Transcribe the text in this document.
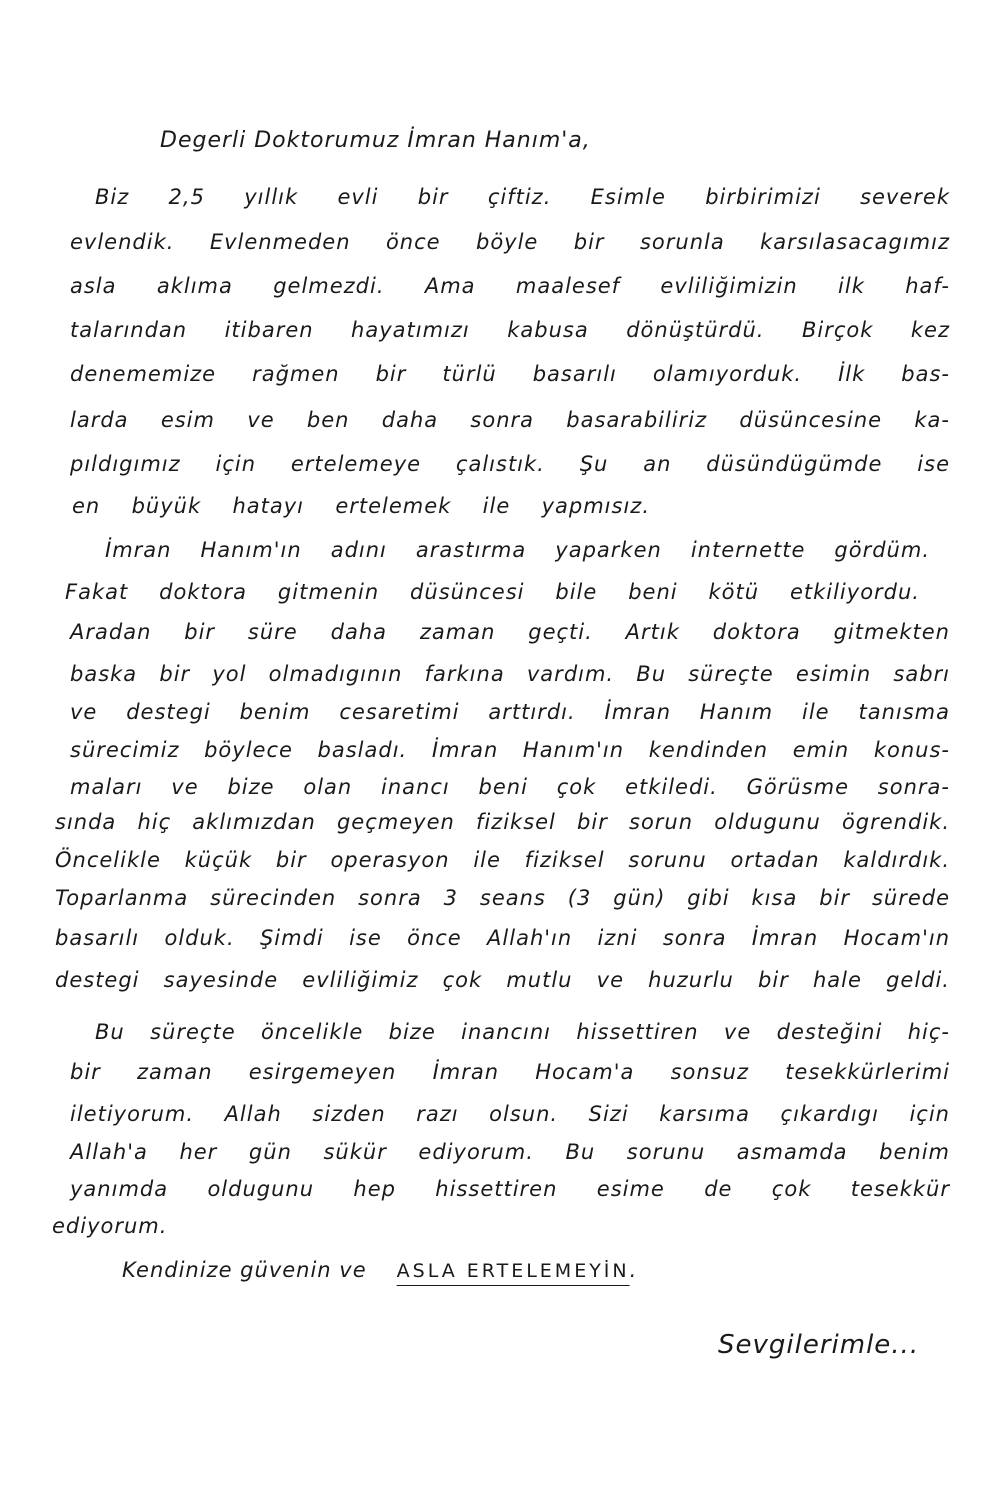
Degerli Doktorumuz İmran Hanım'a,
Biz 2,5 yıllık evli bir çiftiz. Esimle birbirimizi severek
evlendik. Evlenmeden önce böyle bir sorunla karsılasacagımız
asla aklıma gelmezdi. Ama maalesef evliliğimizin ilk haf-
talarından itibaren hayatımızı kabusa dönüştürdü. Birçok kez
denememize rağmen bir türlü basarılı olamıyorduk. İlk bas-
larda esim ve ben daha sonra basarabiliriz düsüncesine ka-
pıldıgımız için ertelemeye çalıstık. Şu an düsündügümde ise
en büyük hatayı ertelemek ile yapmısız.
İmran Hanım'ın adını arastırma yaparken internette gördüm.
Fakat doktora gitmenin düsüncesi bile beni kötü etkiliyordu.
Aradan bir süre daha zaman geçti. Artık doktora gitmekten
baska bir yol olmadıgının farkına vardım. Bu süreçte esimin sabrı
ve destegi benim cesaretimi arttırdı. İmran Hanım ile tanısma
sürecimiz böylece basladı. İmran Hanım'ın kendinden emin konus-
maları ve bize olan inancı beni çok etkiledi. Görüsme sonra-
sında hiç aklımızdan geçmeyen fiziksel bir sorun oldugunu ögrendik.
Öncelikle küçük bir operasyon ile fiziksel sorunu ortadan kaldırdık.
Toparlanma sürecinden sonra 3 seans (3 gün) gibi kısa bir sürede
basarılı olduk. Şimdi ise önce Allah'ın izni sonra İmran Hocam'ın
destegi sayesinde evliliğimiz çok mutlu ve huzurlu bir hale geldi.
Bu süreçte öncelikle bize inancını hissettiren ve desteğini hiç-
bir zaman esirgemeyen İmran Hocam'a sonsuz tesekkürlerimi
iletiyorum. Allah sizden razı olsun. Sizi karsıma çıkardıgı için
Allah'a her gün sükür ediyorum. Bu sorunu asmamda benim
yanımda oldugunu hep hissettiren esime de çok tesekkür
ediyorum.
Kendinize güvenin ve ASLA ERTELEMEYİN.
Sevgilerimle...
